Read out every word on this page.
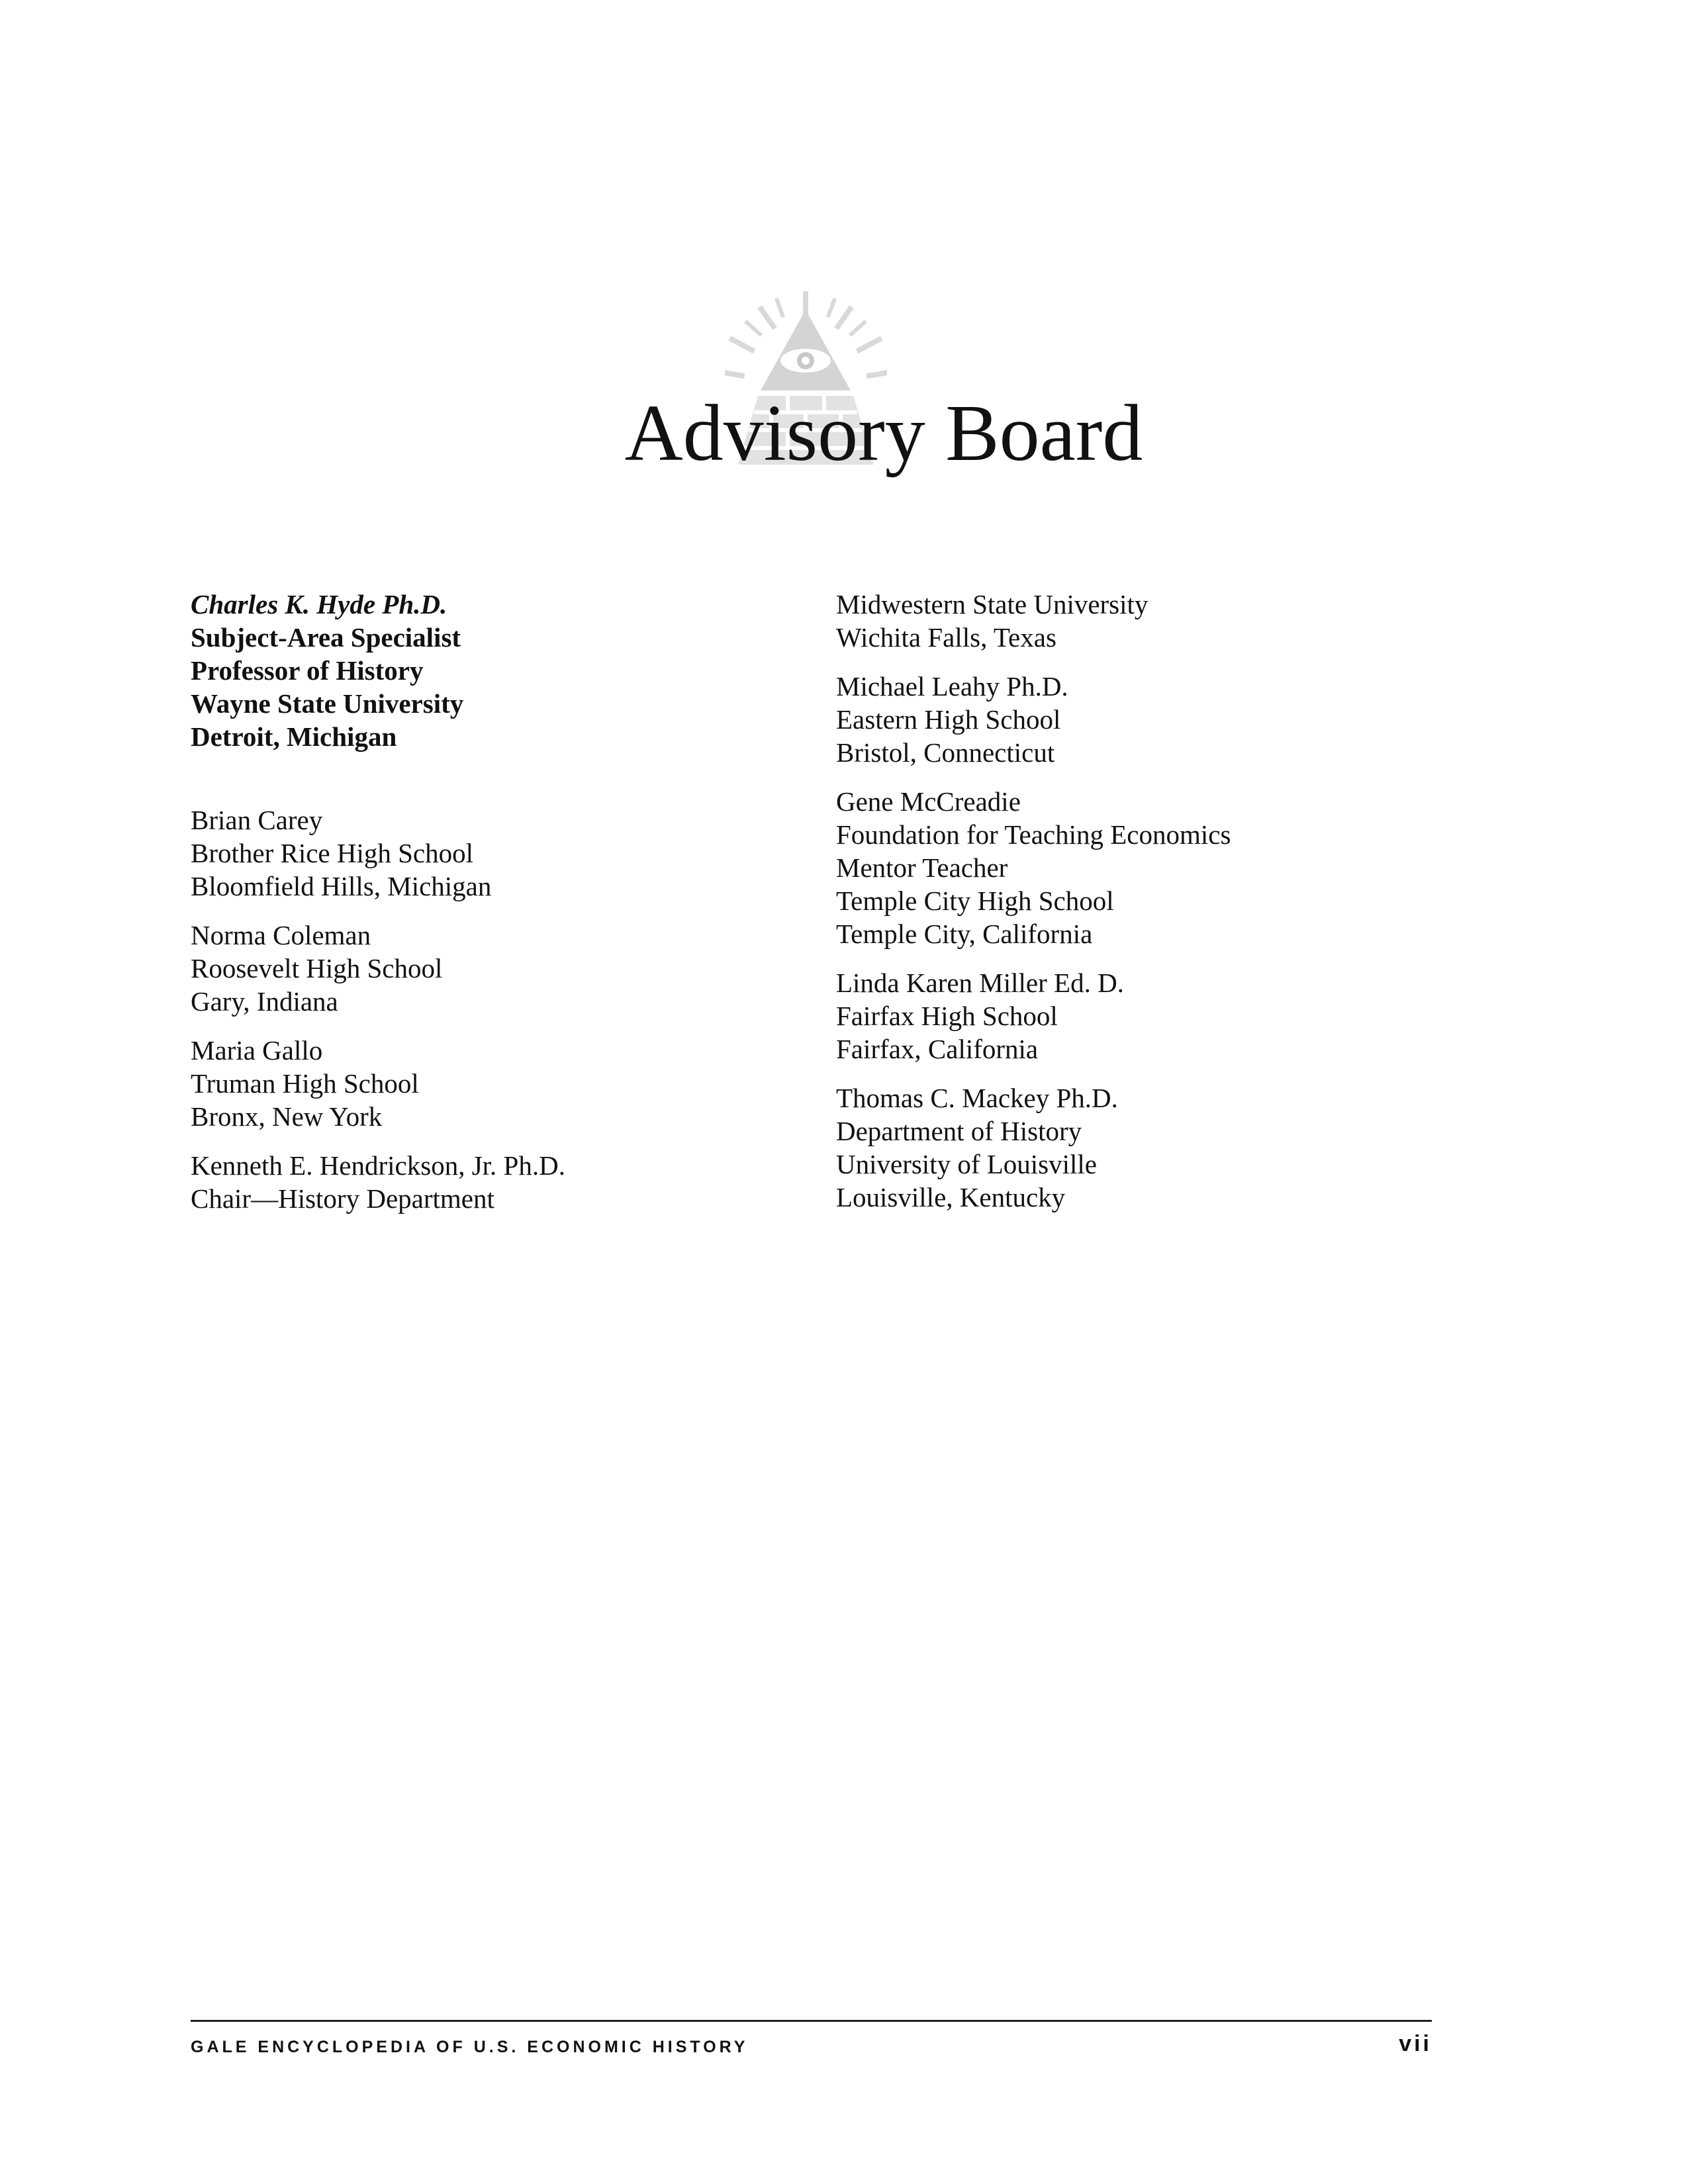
Advisory Board
Charles K. Hyde Ph.D.
Subject-Area Specialist
Professor of History
Wayne State University
Detroit, Michigan
Brian Carey
Brother Rice High School
Bloomfield Hills, Michigan
Norma Coleman
Roosevelt High School
Gary, Indiana
Maria Gallo
Truman High School
Bronx, New York
Kenneth E. Hendrickson, Jr. Ph.D.
Chair—History Department
Midwestern State University
Wichita Falls, Texas
Michael Leahy Ph.D.
Eastern High School
Bristol, Connecticut
Gene McCreadie
Foundation for Teaching Economics
Mentor Teacher
Temple City High School
Temple City, California
Linda Karen Miller Ed. D.
Fairfax High School
Fairfax, California
Thomas C. Mackey Ph.D.
Department of History
University of Louisville
Louisville, Kentucky
GALE ENCYCLOPEDIA OF U.S. ECONOMIC HISTORY	vii
